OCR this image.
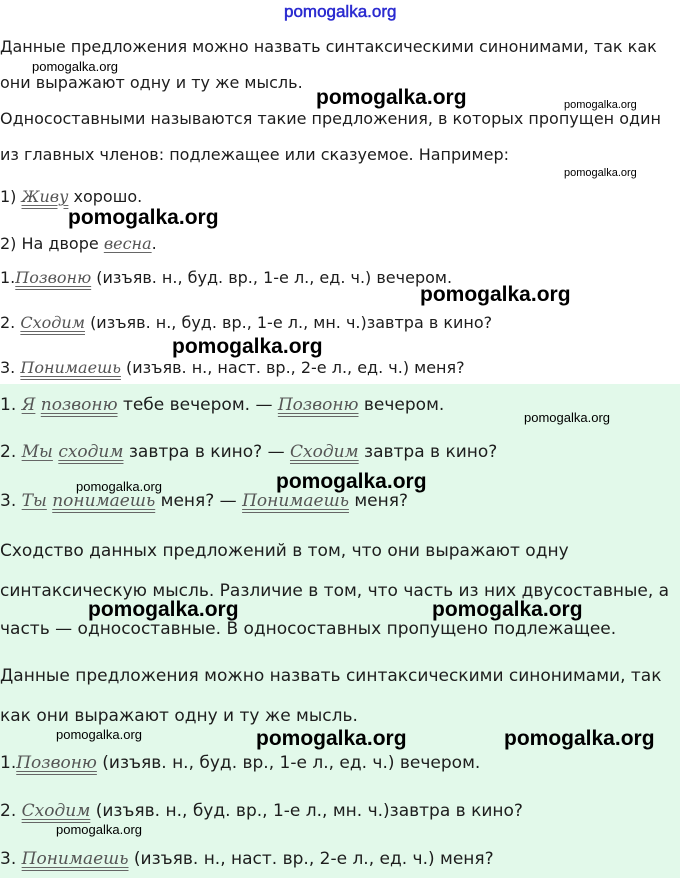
Данные предложения можно назвать синтаксическими синонимами, так как
они выражают одну и ту же мысль.
Односоставными называются такие предложения, в которых пропущен один
из главных членов: подлежащее или сказуемое. Например:
1) Живу хорошо.
2) На дворе весна.
1.Позвоню (изъяв. н., буд. вр., 1-е л., ед. ч.) вечером.
2. Сходим (изъяв. н., буд. вр., 1-е л., мн. ч.)завтра в кино?
3. Понимаешь (изъяв. н., наст. вр., 2-е л., ед. ч.) меня?
1. Я позвоню тебе вечером. — Позвоню вечером.
2. Мы сходим завтра в кино? — Сходим завтра в кино?
3. Ты понимаешь меня? — Понимаешь меня?
Сходство данных предложений в том, что они выражают одну
синтаксическую мысль. Различие в том, что часть из них двусоставные, а
часть — односоставные. В односоставных пропущено подлежащее.
Данные предложения можно назвать синтаксическими синонимами, так
как они выражают одну и ту же мысль.
1.Позвоню (изъяв. н., буд. вр., 1-е л., ед. ч.) вечером.
2. Сходим (изъяв. н., буд. вр., 1-е л., мн. ч.)завтра в кино?
3. Понимаешь (изъяв. н., наст. вр., 2-е л., ед. ч.) меня?
pomogalka.org
pomogalka.org
pomogalka.org	pomogalka.org
pomogalka.org
pomogalka.org
pomogalka.org
pomogalka.org
pomogalka.org
pomogalka.org	pomogalka.org
pomogalka.org	pomogalka.org
pomogalka.org	pomogalka.org	pomogalka.org
pomogalka.org
